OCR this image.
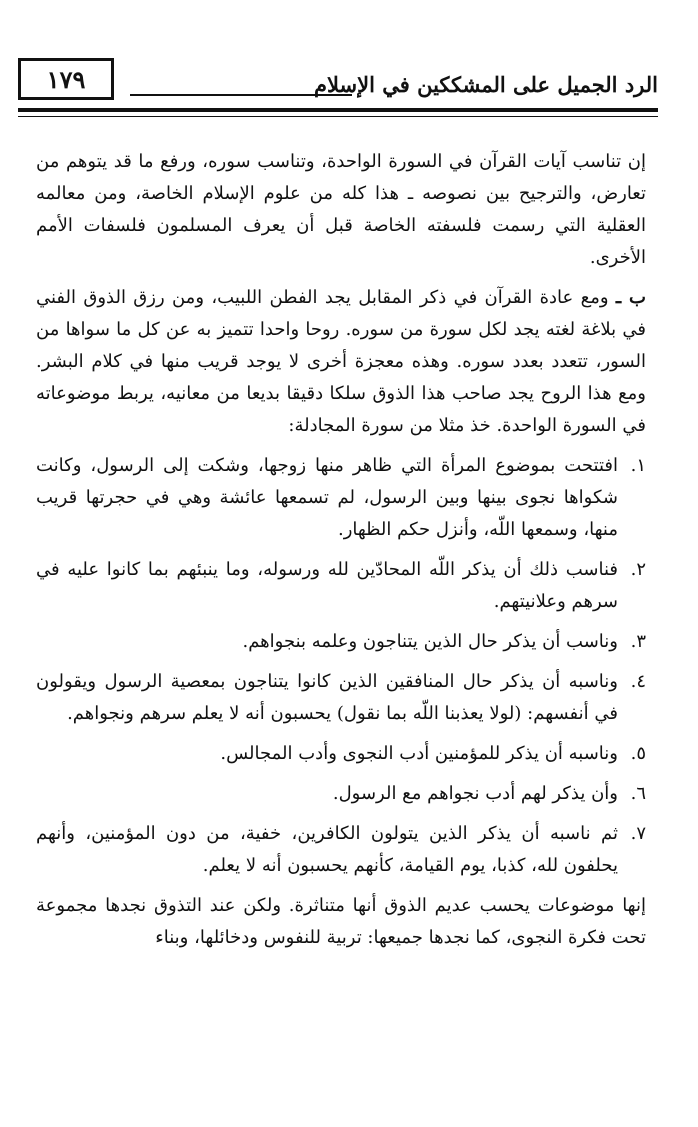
الرد الجميل على المشككين في الإسلام
١٧٩

إن تناسب آيات القرآن في السورة الواحدة، وتناسب سوره، ورفع ما قد يتوهم من تعارض، والترجيح بين نصوصه ـ هذا كله من علوم الإسلام الخاصة، ومن معالمه العقلية التي رسمت فلسفته الخاصة قبل أن يعرف المسلمون فلسفات الأمم الأخرى.

ب ـ ومع عادة القرآن في ذكر المقابل يجد الفطن اللبيب، ومن رزق الذوق الفني في بلاغة لغته يجد لكل سورة من سوره. روحا واحدا تتميز به عن كل ما سواها من السور، تتعدد بعدد سوره. وهذه معجزة أخرى لا يوجد قريب منها في كلام البشر. ومع هذا الروح يجد صاحب هذا الذوق سلكا دقيقا بديعا من معانيه، يربط موضوعاته في السورة الواحدة. خذ مثلا من سورة المجادلة:

١.افتتحت بموضوع المرأة التي ظاهر منها زوجها، وشكت إلى الرسول، وكانت شكواها نجوى بينها وبين الرسول، لم تسمعها عائشة وهي في حجرتها قريب منها، وسمعها اللّه، وأنزل حكم الظهار.

٢.فناسب ذلك أن يذكر اللّه المحادّين لله ورسوله، وما ينبئهم بما كانوا عليه في سرهم وعلانيتهم.

٣.وناسب أن يذكر حال الذين يتناجون وعلمه بنجواهم.

٤.وناسبه أن يذكر حال المنافقين الذين كانوا يتناجون بمعصية الرسول ويقولون في أنفسهم: (لولا يعذبنا اللّه بما نقول) يحسبون أنه لا يعلم سرهم ونجواهم.

٥.وناسبه أن يذكر للمؤمنين أدب النجوى وأدب المجالس.

٦.وأن يذكر لهم أدب نجواهم مع الرسول.

٧.ثم ناسبه أن يذكر الذين يتولون الكافرين، خفية، من دون المؤمنين، وأنهم يحلفون لله، كذبا، يوم القيامة، كأنهم يحسبون أنه لا يعلم.

إنها موضوعات يحسب عديم الذوق أنها متناثرة. ولكن عند التذوق نجدها مجموعة تحت فكرة النجوى، كما نجدها جميعها: تربية للنفوس ودخائلها، وبناء
